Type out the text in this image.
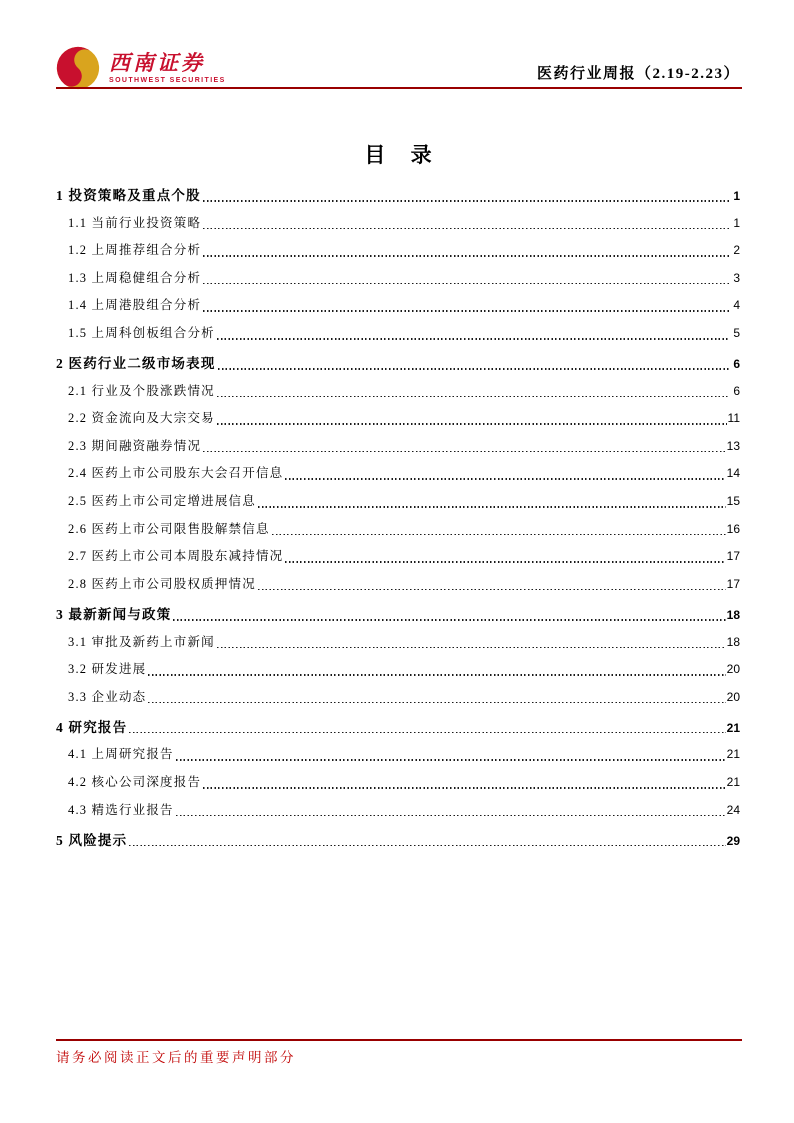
西南证券
SOUTHWEST SECURITIES	医药行业周报（2.19-2.23）
目 录
1 投资策略及重点个股	1
1.1 当前行业投资策略	1
1.2 上周推荐组合分析	2
1.3 上周稳健组合分析	3
1.4 上周港股组合分析	4
1.5 上周科创板组合分析	5
2 医药行业二级市场表现	6
2.1 行业及个股涨跌情况	6
2.2 资金流向及大宗交易	11
2.3 期间融资融券情况	13
2.4 医药上市公司股东大会召开信息	14
2.5 医药上市公司定增进展信息	15
2.6 医药上市公司限售股解禁信息	16
2.7 医药上市公司本周股东减持情况	17
2.8 医药上市公司股权质押情况	17
3 最新新闻与政策	18
3.1 审批及新药上市新闻	18
3.2 研发进展	20
3.3 企业动态	20
4 研究报告	21
4.1 上周研究报告	21
4.2 核心公司深度报告	21
4.3 精选行业报告	24
5 风险提示	29
请务必阅读正文后的重要声明部分
